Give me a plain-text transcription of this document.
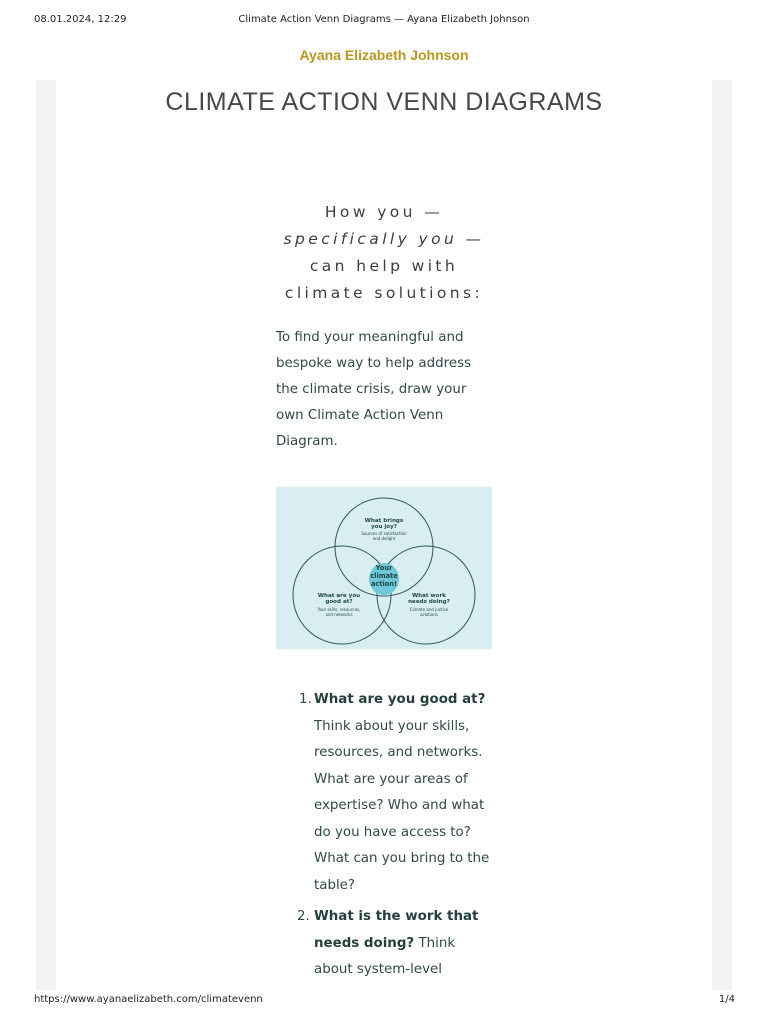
08.01.2024, 12:29	Climate Action Venn Diagrams — Ayana Elizabeth Johnson
Ayana Elizabeth Johnson
CLIMATE ACTION VENN DIAGRAMS
How you —
specifically you —
can help with
climate solutions:

To find your meaningful and
bespoke way to help address
the climate crisis, draw your
own Climate Action Venn
Diagram.

What brings
you joy?
Sources of satisfaction
and delight
Your
climate
action!
What are you
good at?
Your skills, resources,
and networks
What work
needs doing?
Climate and justice
solutions
1. What are you good at?
Think about your skills,
resources, and networks.
What are your areas of
expertise? Who and what
do you have access to?
What can you bring to the
table?
2. What is the work that
needs doing? Think
about system-level
https://www.ayanaelizabeth.com/climatevenn	1/4
